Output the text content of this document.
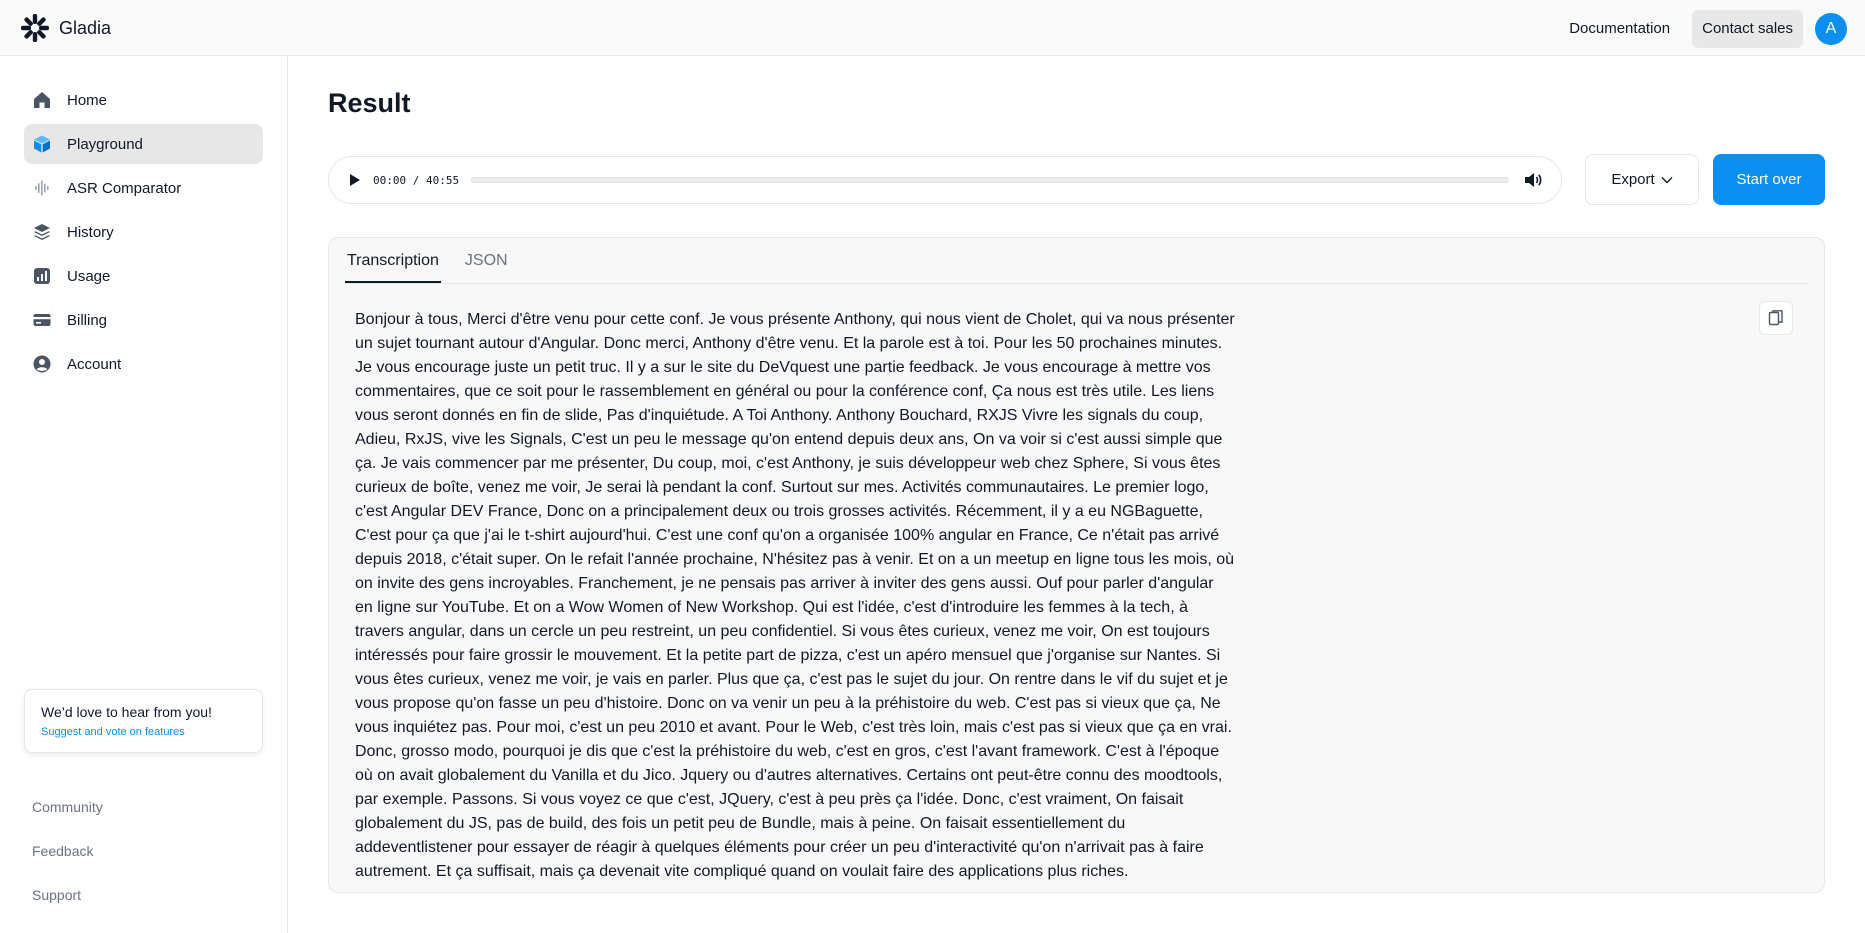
Gladia	Documentation	Contact sales	A
Home
Playground
ASR Comparator
History
Usage
Billing
Account
We’d love to hear from you!
Suggest and vote on features
Community
Feedback
Support
Result
00:00 / 40:55	Export	Start over
Transcription JSON
Bonjour à tous, Merci d'être venu pour cette conf. Je vous présente Anthony, qui nous vient de Cholet, qui va nous présenter un sujet tournant autour d'Angular. Donc merci, Anthony d'être venu. Et la parole est à toi. Pour les 50 prochaines minutes. Je vous encourage juste un petit truc. Il y a sur le site du DeVquest une partie feedback. Je vous encourage à mettre vos commentaires, que ce soit pour le rassemblement en général ou pour la conférence conf, Ça nous est très utile. Les liens vous seront donnés en fin de slide, Pas d'inquiétude. A Toi Anthony. Anthony Bouchard, RXJS Vivre les signals du coup, Adieu, RxJS, vive les Signals, C'est un peu le message qu'on entend depuis deux ans, On va voir si c'est aussi simple que ça. Je vais commencer par me présenter, Du coup, moi, c'est Anthony, je suis développeur web chez Sphere, Si vous êtes curieux de boîte, venez me voir, Je serai là pendant la conf. Surtout sur mes. Activités communautaires. Le premier logo, c'est Angular DEV France, Donc on a principalement deux ou trois grosses activités. Récemment, il y a eu NGBaguette, C'est pour ça que j'ai le t-shirt aujourd'hui. C'est une conf qu'on a organisée 100% angular en France, Ce n'était pas arrivé depuis 2018, c'était super. On le refait l'année prochaine, N'hésitez pas à venir. Et on a un meetup en ligne tous les mois, où on invite des gens incroyables. Franchement, je ne pensais pas arriver à inviter des gens aussi. Ouf pour parler d'angular en ligne sur YouTube. Et on a Wow Women of New Workshop. Qui est l'idée, c'est d'introduire les femmes à la tech, à travers angular, dans un cercle un peu restreint, un peu confidentiel. Si vous êtes curieux, venez me voir, On est toujours intéressés pour faire grossir le mouvement. Et la petite part de pizza, c'est un apéro mensuel que j'organise sur Nantes. Si vous êtes curieux, venez me voir, je vais en parler. Plus que ça, c'est pas le sujet du jour. On rentre dans le vif du sujet et je vous propose qu'on fasse un peu d'histoire. Donc on va venir un peu à la préhistoire du web. C'est pas si vieux que ça, Ne vous inquiétez pas. Pour moi, c'est un peu 2010 et avant. Pour le Web, c'est très loin, mais c'est pas si vieux que ça en vrai. Donc, grosso modo, pourquoi je dis que c'est la préhistoire du web, c'est en gros, c'est l'avant framework. C'est à l'époque où on avait globalement du Vanilla et du Jico. Jquery ou d'autres alternatives. Certains ont peut-être connu des moodtools, par exemple. Passons. Si vous voyez ce que c'est, JQuery, c'est à peu près ça l'idée. Donc, c'est vraiment, On faisait globalement du JS, pas de build, des fois un petit peu de Bundle, mais à peine. On faisait essentiellement du addeventlistener pour essayer de réagir à quelques éléments pour créer un peu d'interactivité qu'on n'arrivait pas à faire autrement. Et ça suffisait, mais ça devenait vite compliqué quand on voulait faire des applications plus riches.
